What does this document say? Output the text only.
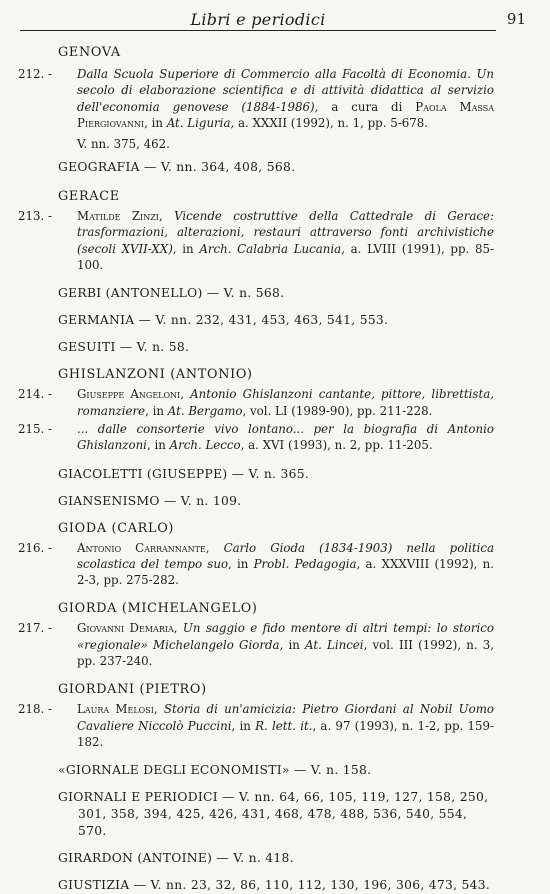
Libri e periodici	91
GENOVA
212. - Dalla Scuola Superiore di Commercio alla Facoltà di Economia. Un secolo di elaborazione scientifica e di attività didattica al servizio dell'economia genovese (1884-1986), a cura di Paola Massa Piergiovanni, in At. Liguria, a. XXXII (1992), n. 1, pp. 5-678.
V. nn. 375, 462.
GEOGRAFIA — V. nn. 364, 408, 568.
GERACE
213. - Matilde Zinzi, Vicende costruttive della Cattedrale di Gerace: trasformazioni, alterazioni, restauri attraverso fonti archivistiche (secoli XVII-XX), in Arch. Calabria Lucania, a. LVIII (1991), pp. 85-100.
GERBI (ANTONELLO) — V. n. 568.
GERMANIA — V. nn. 232, 431, 453, 463, 541, 553.
GESUITI — V. n. 58.
GHISLANZONI (ANTONIO)
214. - Giuseppe Angeloni, Antonio Ghislanzoni cantante, pittore, librettista, romanziere, in At. Bergamo, vol. LI (1989-90), pp. 211-228.
215. - ... dalle consorterie vivo lontano... per la biografia di Antonio Ghislanzoni, in Arch. Lecco, a. XVI (1993), n. 2, pp. 11-205.
GIACOLETTI (GIUSEPPE) — V. n. 365.
GIANSENISMO — V. n. 109.
GIODA (CARLO)
216. - Antonio Carrannante, Carlo Gioda (1834-1903) nella politica scolastica del tempo suo, in Probl. Pedagogia, a. XXXVIII (1992), n. 2-3, pp. 275-282.
GIORDA (MICHELANGELO)
217. - Giovanni Demaria, Un saggio e fido mentore di altri tempi: lo storico «regionale» Michelangelo Giorda, in At. Lincei, vol. III (1992), n. 3, pp. 237-240.
GIORDANI (PIETRO)
218. - Laura Melosi, Storia di un'amicizia: Pietro Giordani al Nobil Uomo Cavaliere Niccolò Puccini, in R. lett. it., a. 97 (1993), n. 1-2, pp. 159-182.
«GIORNALE DEGLI ECONOMISTI» — V. n. 158.
GIORNALI E PERIODICI — V. nn. 64, 66, 105, 119, 127, 158, 250, 301, 358, 394, 425, 426, 431, 468, 478, 488, 536, 540, 554, 570.
GIRARDON (ANTOINE) — V. n. 418.
GIUSTIZIA — V. nn. 23, 32, 86, 110, 112, 130, 196, 306, 473, 543.
